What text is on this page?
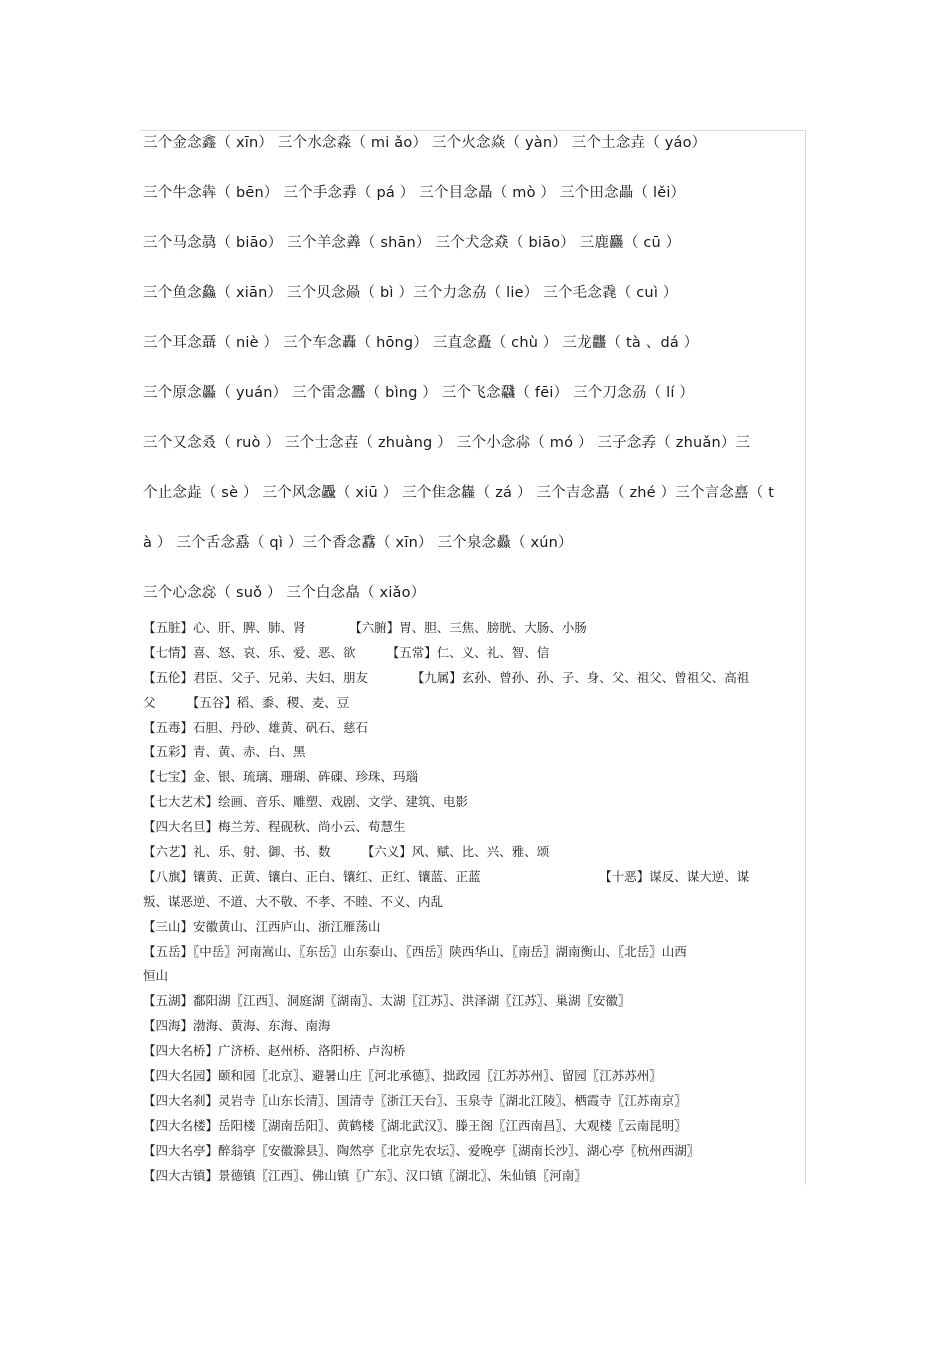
三个金念鑫（ xīn） 三个水念淼（ mi ǎo） 三个火念焱（ yàn） 三个土念垚（ yáo）
三个牛念犇（ bēn） 三个手念掱（ pá ） 三个目念瞐（ mò ） 三个田念畾（ lěi）
三个马念骉（ biāo） 三个羊念羴（ shān） 三个犬念猋（ biāo） 三鹿麤（ cū ）
三个鱼念鱻（ xiān） 三个贝念赑（ bì ）三个力念劦（ lie） 三个毛念毳（ cuì ）
三个耳念聶（ niè ） 三个车念轟（ hōng） 三直念矗（ chù ） 三龙龘（ tà 、dá ）
三个原念厵（ yuán） 三个雷念靐（ bìng ） 三个飞念飝（ fēi） 三个刀念刕（ lí ）
三个又念叒（ ruò ） 三个士念壵（ zhuàng ） 三个小念尛（ mó ） 三子念孨（ zhuǎn）三
个止念歮（ sè ） 三个风念飍（ xiū ） 三个隹念雥（ zá ） 三个吉念嚞（ zhé ）三个言念譶（ t
à ） 三个舌念舙（ qì ）三个香念馫（ xīn） 三个泉念灥（ xún）
三个心念惢（ suǒ ） 三个白念皛（ xiǎo）
【五脏】心、肝、脾、肺、肾　　　　【六腑】胃、胆、三焦、膀胱、大肠、小肠
【七情】喜、怒、哀、乐、爱、恶、欲　　　【五常】仁、义、礼、智、信
【五伦】君臣、父子、兄弟、夫妇、朋友　　　　【九属】玄孙、曾孙、孙、子、身、父、祖父、曾祖父、高祖
父　　　【五谷】稻、黍、稷、麦、豆
【五毒】石胆、丹砂、雄黄、矾石、慈石
【五彩】青、黄、赤、白、黑
【七宝】金、银、琉璃、珊瑚、砗磲、珍珠、玛瑙
【七大艺术】绘画、音乐、雕塑、戏剧、文学、建筑、电影
【四大名旦】梅兰芳、程砚秋、尚小云、荀慧生
【六艺】礼、乐、射、御、书、数　　　【六义】风、赋、比、兴、雅、颂
【八旗】镶黄、正黄、镶白、正白、镶红、正红、镶蓝、正蓝　　　　　　　　　　【十恶】谋反、谋大逆、谋
叛、谋恶逆、不道、大不敬、不孝、不睦、不义、内乱
【三山】安徽黄山、江西庐山、浙江雁荡山
【五岳】〖中岳〗河南嵩山、〖东岳〗山东泰山、〖西岳〗陕西华山、〖南岳〗湖南衡山、〖北岳〗山西
恒山
【五湖】鄱阳湖〖江西〗、洞庭湖〖湖南〗、太湖〖江苏〗、洪泽湖〖江苏〗、巢湖〖安徽〗
【四海】渤海、黄海、东海、南海
【四大名桥】广济桥、赵州桥、洛阳桥、卢沟桥
【四大名园】颐和园〖北京〗、避暑山庄〖河北承德〗、拙政园〖江苏苏州〗、留园〖江苏苏州〗
【四大名刹】灵岩寺〖山东长清〗、国清寺〖浙江天台〗、玉泉寺〖湖北江陵〗、栖霞寺〖江苏南京〗
【四大名楼】岳阳楼〖湖南岳阳〗、黄鹤楼〖湖北武汉〗、滕王阁〖江西南昌〗、大观楼〖云南昆明〗
【四大名亭】醉翁亭〖安徽滁县〗、陶然亭〖北京先农坛〗、爱晚亭〖湖南长沙〗、湖心亭〖杭州西湖〗
【四大古镇】景德镇〖江西〗、佛山镇〖广东〗、汉口镇〖湖北〗、朱仙镇〖河南〗
